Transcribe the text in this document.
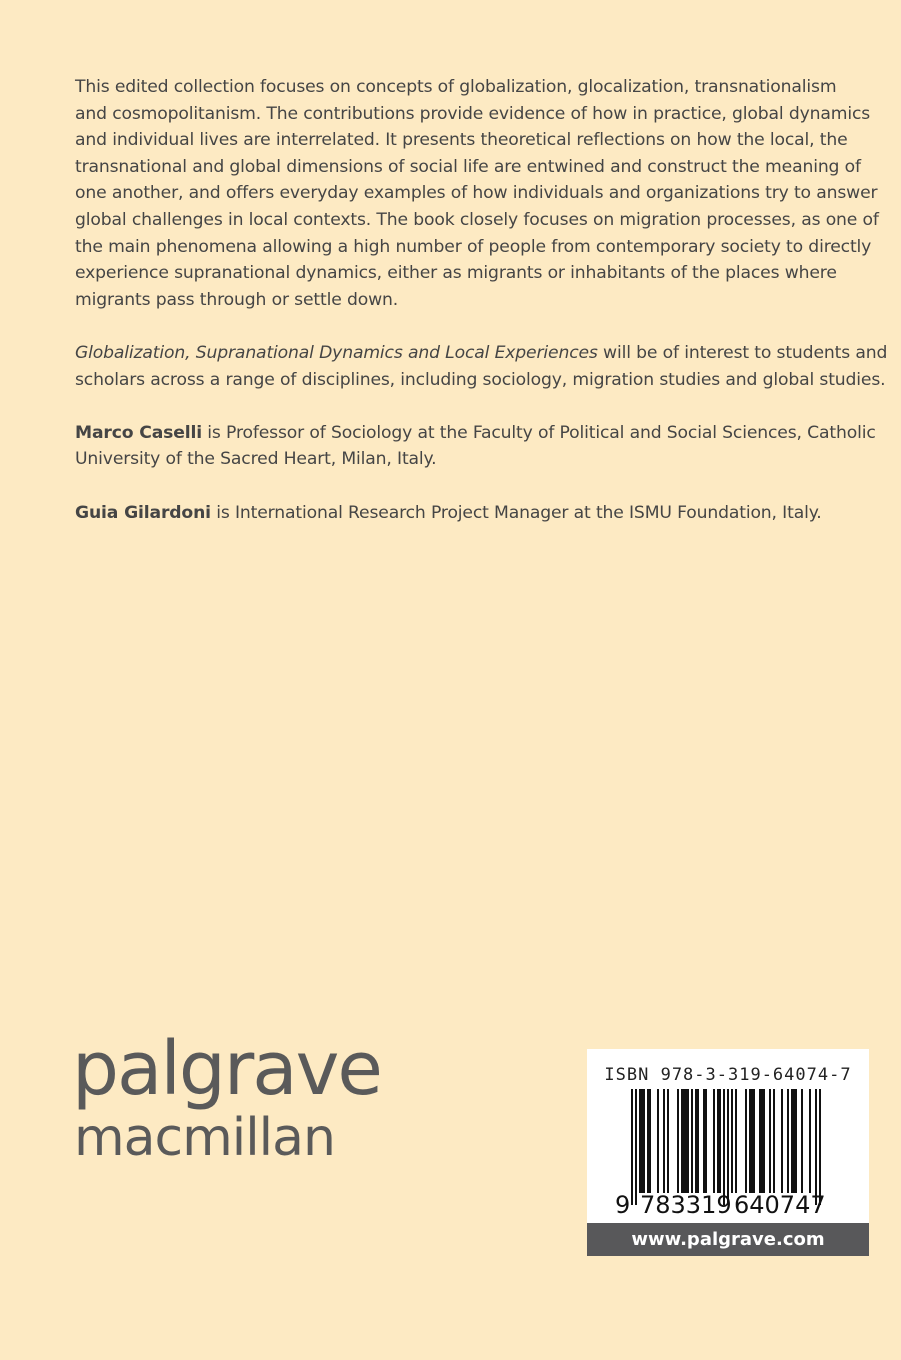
This edited collection focuses on concepts of globalization, glocalization, transnationalism
and cosmopolitanism. The contributions provide evidence of how in practice, global dynamics
and individual lives are interrelated. It presents theoretical reflections on how the local, the
transnational and global dimensions of social life are entwined and construct the meaning of
one another, and offers everyday examples of how individuals and organizations try to answer
global challenges in local contexts. The book closely focuses on migration processes, as one of
the main phenomena allowing a high number of people from contemporary society to directly
experience supranational dynamics, either as migrants or inhabitants of the places where
migrants pass through or settle down.
Globalization, Supranational Dynamics and Local Experiences will be of interest to students and
scholars across a range of disciplines, including sociology, migration studies and global studies.
Marco Caselli is Professor of Sociology at the Faculty of Political and Social Sciences, Catholic
University of the Sacred Heart, Milan, Italy.
Guia Gilardoni is International Research Project Manager at the ISMU Foundation, Italy.
palgrave
macmillan
ISBN 978-3-319-64074-7
9 783319 640747
www.palgrave.com
